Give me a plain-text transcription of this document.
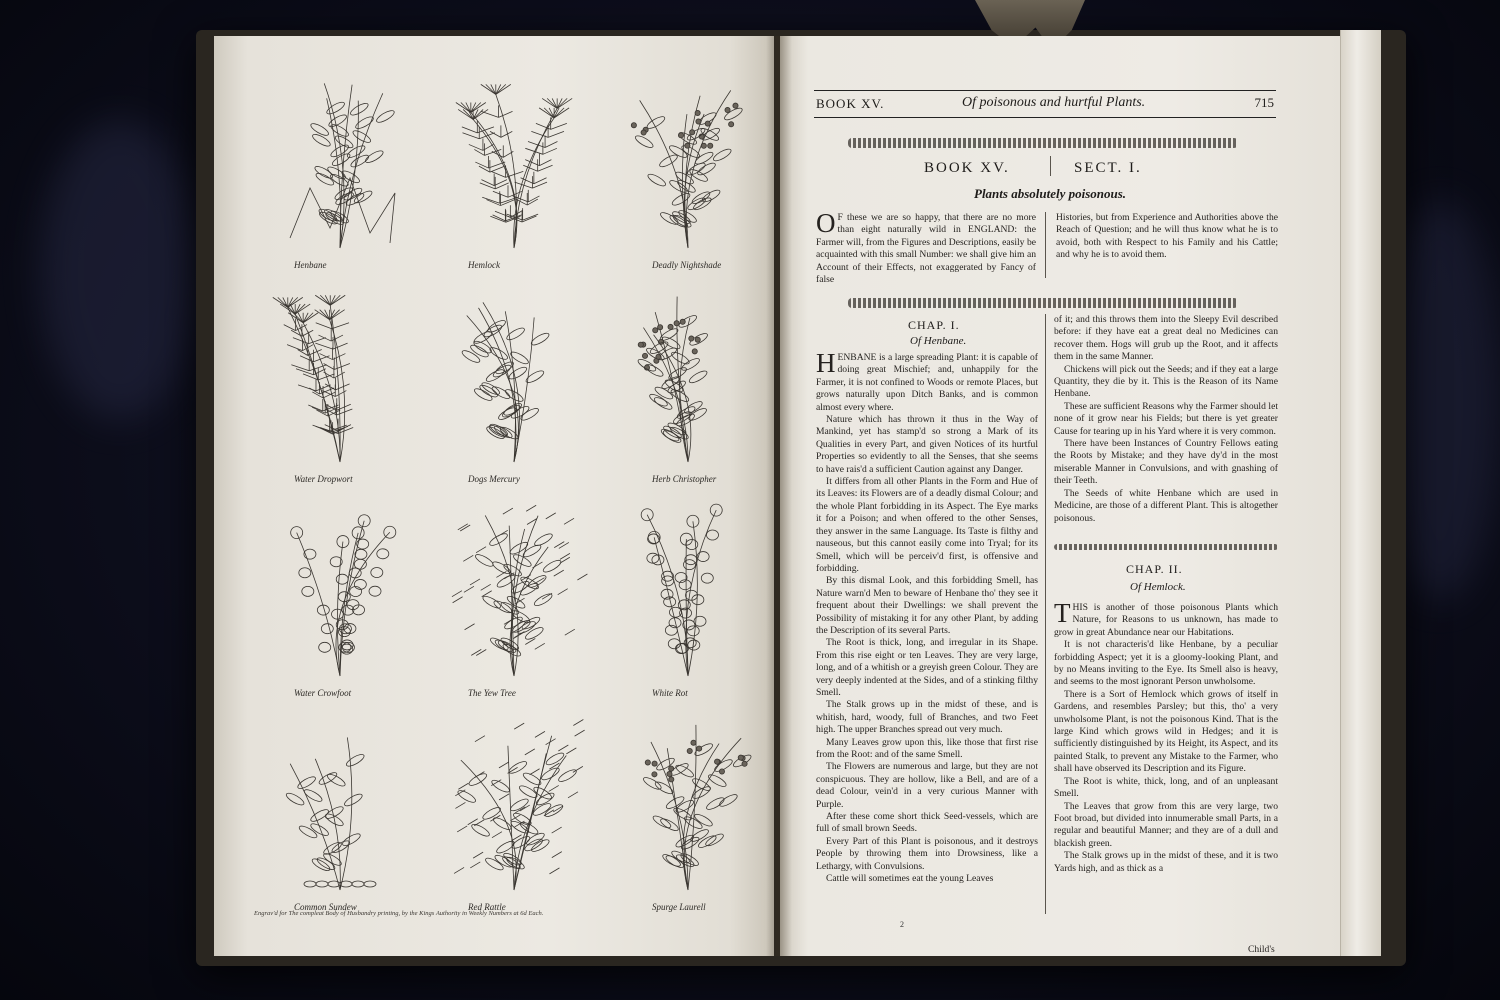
Henbane	Hemlock	Deadly Nightshade
Water Dropwort	Dogs Mercury	Herb Christopher
Water Crowfoot	The Yew Tree	White Rot
Common Sundew	Red Rattle	Spurge Laurell
Engrav'd for The compleat Body of Husbandry printing, by the Kings Authority in Weekly Numbers at 6d Each.
BOOK XV.	Of poisonous and hurtful Plants.	715
BOOK XV.	SECT. I.
Plants absolutely poisonous.
O F these we are so happy, that there are no more than eight naturally wild in ENGLAND: the Farmer will, from the Figures and Descriptions, easily be acquainted with this small Number: we shall give him an Account of their Effects, not exaggerated by Fancy of false
Histories, but from Experience and Authorities above the Reach of Question; and he will thus know what he is to avoid, both with Respect to his Family and his Cattle; and why he is to avoid them.
CHAP. I.
Of Henbane.
H ENBANE is a large spreading Plant: it is capable of doing great Mischief; and, unhappily for the Farmer, it is not confined to Woods or remote Places, but grows naturally upon Ditch Banks, and is common almost every where.

Nature which has thrown it thus in the Way of Mankind, yet has stamp'd so strong a Mark of its Qualities in every Part, and given Notices of its hurtful Properties so evidently to all the Senses, that she seems to have rais'd a sufficient Caution against any Danger.

It differs from all other Plants in the Form and Hue of its Leaves: its Flowers are of a deadly dismal Colour; and the whole Plant forbidding in its Aspect. The Eye marks it for a Poison; and when offered to the other Senses, they answer in the same Language. Its Taste is filthy and nauseous, but this cannot easily come into Tryal; for its Smell, which will be perceiv'd first, is offensive and forbidding.

By this dismal Look, and this forbidding Smell, has Nature warn'd Men to beware of Henbane tho' they see it frequent about their Dwellings: we shall prevent the Possibility of mistaking it for any other Plant, by adding the Description of its several Parts.

The Root is thick, long, and irregular in its Shape. From this rise eight or ten Leaves. They are very large, long, and of a whitish or a greyish green Colour. They are very deeply indented at the Sides, and of a stinking filthy Smell.

The Stalk grows up in the midst of these, and is whitish, hard, woody, full of Branches, and two Feet high. The upper Branches spread out very much.

Many Leaves grow upon this, like those that first rise from the Root: and of the same Smell.

The Flowers are numerous and large, but they are not conspicuous. They are hollow, like a Bell, and are of a dead Colour, vein'd in a very curious Manner with Purple.

After these come short thick Seed-vessels, which are full of small brown Seeds.

Every Part of this Plant is poisonous, and it destroys People by throwing them into Drowsiness, like a Lethargy, with Convulsions.

Cattle will sometimes eat the young Leaves

of it; and this throws them into the Sleepy Evil described before: if they have eat a great deal no Medicines can recover them. Hogs will grub up the Root, and it affects them in the same Manner.

Chickens will pick out the Seeds; and if they eat a large Quantity, they die by it. This is the Reason of its Name Henbane.

These are sufficient Reasons why the Farmer should let none of it grow near his Fields; but there is yet greater Cause for tearing up in his Yard where it is very common.

There have been Instances of Country Fellows eating the Roots by Mistake; and they have dy'd in the most miserable Manner in Convulsions, and with gnashing of their Teeth.

The Seeds of white Henbane which are used in Medicine, are those of a different Plant. This is altogether poisonous.

CHAP. II.
Of Hemlock.
T HIS is another of those poisonous Plants which Nature, for Reasons to us unknown, has made to grow in great Abundance near our Habitations.

It is not characteris'd like Henbane, by a peculiar forbidding Aspect; yet it is a gloomy-looking Plant, and by no Means inviting to the Eye. Its Smell also is heavy, and seems to the most ignorant Person unwholsome.

There is a Sort of Hemlock which grows of itself in Gardens, and resembles Parsley; but this, tho' a very unwholsome Plant, is not the poisonous Kind. That is the large Kind which grows wild in Hedges; and it is sufficiently distinguished by its Height, its Aspect, and its painted Stalk, to prevent any Mistake to the Farmer, who shall have observed its Description and its Figure.

The Root is white, thick, long, and of an unpleasant Smell.

The Leaves that grow from this are very large, two Foot broad, but divided into innumerable small Parts, in a regular and beautiful Manner; and they are of a dull and blackish green.

The Stalk grows up in the midst of these, and it is two Yards high, and as thick as a

2
Child's
